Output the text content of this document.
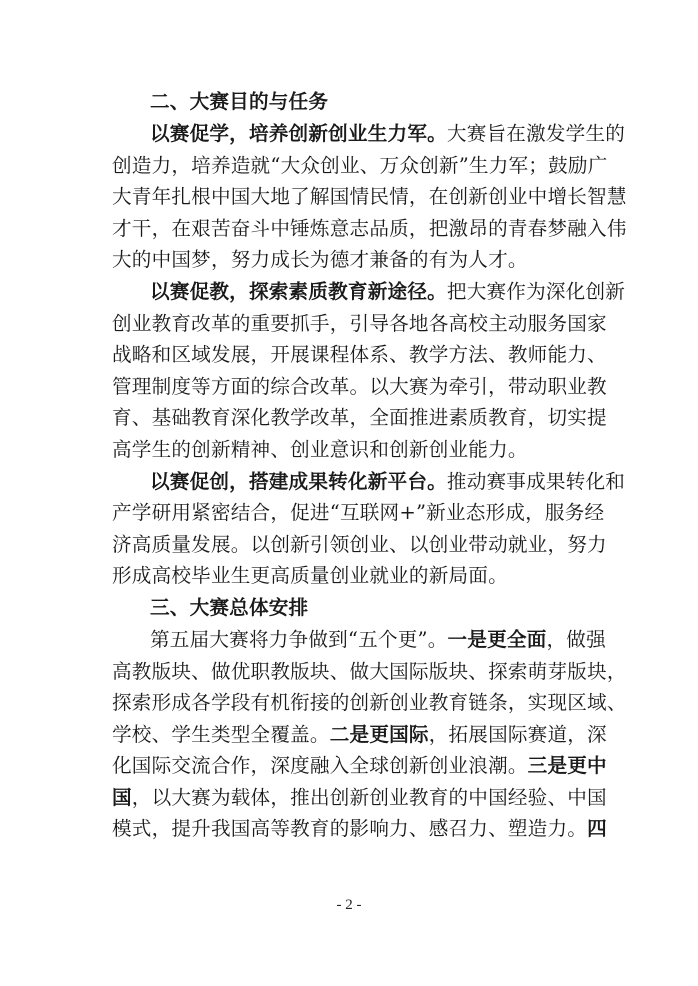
二、大赛目的与任务
以赛促学，培养创新创业生力军。大赛旨在激发学生的
创造力，培养造就“大众创业、万众创新”生力军；鼓励广
大青年扎根中国大地了解国情民情，在创新创业中增长智慧
才干，在艰苦奋斗中锤炼意志品质，把激昂的青春梦融入伟
大的中国梦，努力成长为德才兼备的有为人才。
以赛促教，探索素质教育新途径。把大赛作为深化创新
创业教育改革的重要抓手，引导各地各高校主动服务国家
战略和区域发展，开展课程体系、教学方法、教师能力、
管理制度等方面的综合改革。以大赛为牵引，带动职业教
育、基础教育深化教学改革，全面推进素质教育，切实提
高学生的创新精神、创业意识和创新创业能力。
以赛促创，搭建成果转化新平台。推动赛事成果转化和
产学研用紧密结合，促进“互联网+”新业态形成，服务经
济高质量发展。以创新引领创业、以创业带动就业，努力
形成高校毕业生更高质量创业就业的新局面。
三、大赛总体安排
第五届大赛将力争做到“五个更”。一是更全面，做强
高教版块、做优职教版块、做大国际版块、探索萌芽版块，
探索形成各学段有机衔接的创新创业教育链条，实现区域、
学校、学生类型全覆盖。二是更国际，拓展国际赛道，深
化国际交流合作，深度融入全球创新创业浪潮。三是更中
国，以大赛为载体，推出创新创业教育的中国经验、中国
模式，提升我国高等教育的影响力、感召力、塑造力。四
- 2 -
